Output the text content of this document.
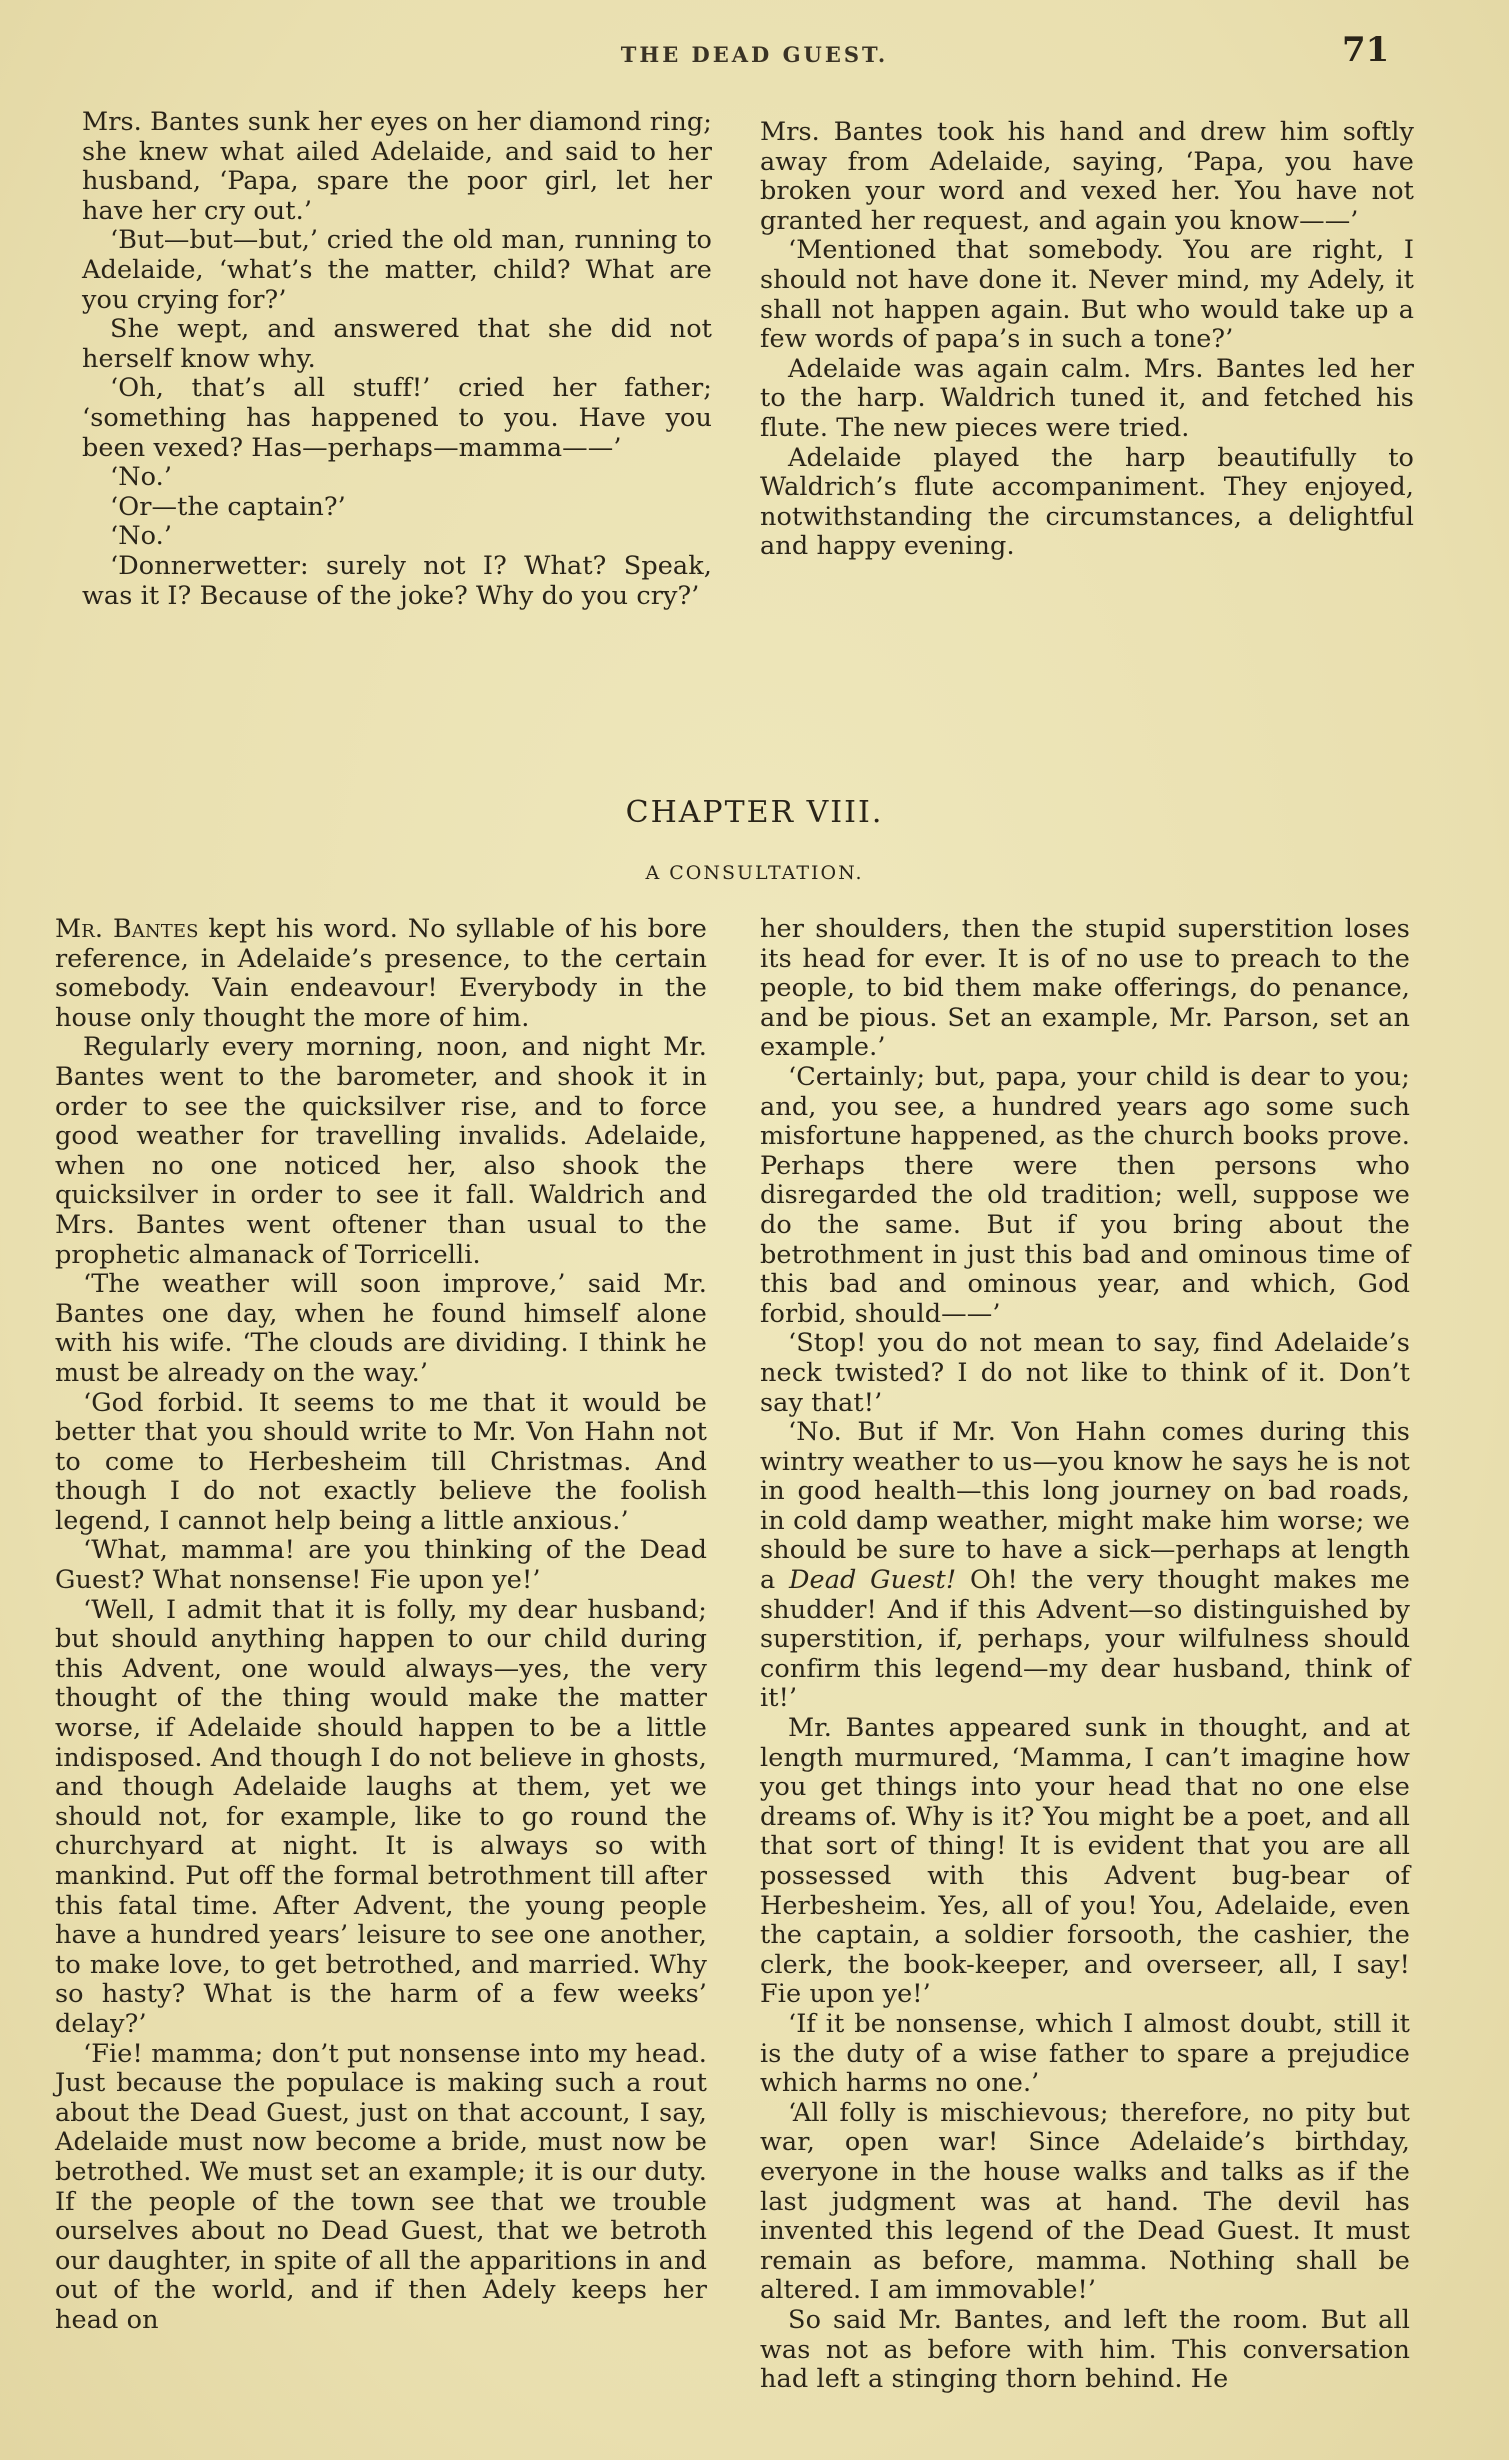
THE DEAD GUEST.	71

Mrs. Bantes sunk her eyes on her diamond ring; she knew what ailed Adelaide, and said to her husband, ‘Papa, spare the poor girl, let her have her cry out.’

‘But—but—but,’ cried the old man, running to Adelaide, ‘what’s the matter, child? What are you crying for?’

She wept, and answered that she did not herself know why.

‘Oh, that’s all stuff!’ cried her father; ‘something has happened to you. Have you been vexed? Has—perhaps—mamma——’

‘No.’

‘Or—the captain?’

‘No.’

‘Donnerwetter: surely not I? What? Speak, was it I? Because of the joke? Why do you cry?’

Mrs. Bantes took his hand and drew him softly away from Adelaide, saying, ‘Papa, you have broken your word and vexed her. You have not granted her request, and again you know——’

‘Mentioned that somebody. You are right, I should not have done it. Never mind, my Adely, it shall not happen again. But who would take up a few words of papa’s in such a tone?’

Adelaide was again calm. Mrs. Bantes led her to the harp. Waldrich tuned it, and fetched his flute. The new pieces were tried.

Adelaide played the harp beautifully to Waldrich’s flute accompaniment. They enjoyed, notwithstanding the circumstances, a delightful and happy evening.

CHAPTER VIII.
A CONSULTATION.

Mr. Bantes kept his word. No syllable of his bore reference, in Adelaide’s presence, to the certain somebody. Vain endeavour! Everybody in the house only thought the more of him.

Regularly every morning, noon, and night Mr. Bantes went to the barometer, and shook it in order to see the quicksilver rise, and to force good weather for travelling invalids. Adelaide, when no one noticed her, also shook the quicksilver in order to see it fall. Waldrich and Mrs. Bantes went oftener than usual to the prophetic almanack of Torricelli.

‘The weather will soon improve,’ said Mr. Bantes one day, when he found himself alone with his wife. ‘The clouds are dividing. I think he must be already on the way.’

‘God forbid. It seems to me that it would be better that you should write to Mr. Von Hahn not to come to Herbesheim till Christmas. And though I do not exactly believe the foolish legend, I cannot help being a little anxious.’

‘What, mamma! are you thinking of the Dead Guest? What nonsense! Fie upon ye!’

‘Well, I admit that it is folly, my dear husband; but should anything happen to our child during this Advent, one would always—yes, the very thought of the thing would make the matter worse, if Adelaide should happen to be a little indisposed. And though I do not believe in ghosts, and though Adelaide laughs at them, yet we should not, for example, like to go round the churchyard at night. It is always so with mankind. Put off the formal betrothment till after this fatal time. After Advent, the young people have a hundred years’ leisure to see one another, to make love, to get betrothed, and married. Why so hasty? What is the harm of a few weeks’ delay?’

‘Fie! mamma; don’t put nonsense into my head. Just because the populace is making such a rout about the Dead Guest, just on that account, I say, Adelaide must now become a bride, must now be betrothed. We must set an example; it is our duty. If the people of the town see that we trouble ourselves about no Dead Guest, that we betroth our daughter, in spite of all the apparitions in and out of the world, and if then Adely keeps her head on

her shoulders, then the stupid superstition loses its head for ever. It is of no use to preach to the people, to bid them make offerings, do penance, and be pious. Set an example, Mr. Parson, set an example.’

‘Certainly; but, papa, your child is dear to you; and, you see, a hundred years ago some such misfortune happened, as the church books prove. Perhaps there were then persons who disregarded the old tradition; well, suppose we do the same. But if you bring about the betrothment in just this bad and ominous time of this bad and ominous year, and which, God forbid, should——’

‘Stop! you do not mean to say, find Adelaide’s neck twisted? I do not like to think of it. Don’t say that!’

‘No. But if Mr. Von Hahn comes during this wintry weather to us—you know he says he is not in good health—this long journey on bad roads, in cold damp weather, might make him worse; we should be sure to have a sick—perhaps at length a Dead Guest! Oh! the very thought makes me shudder! And if this Advent—so distinguished by superstition, if, perhaps, your wilfulness should confirm this legend—my dear husband, think of it!’

Mr. Bantes appeared sunk in thought, and at length murmured, ‘Mamma, I can’t imagine how you get things into your head that no one else dreams of. Why is it? You might be a poet, and all that sort of thing! It is evident that you are all possessed with this Advent bug-bear of Herbesheim. Yes, all of you! You, Adelaide, even the captain, a soldier forsooth, the cashier, the clerk, the book-keeper, and overseer, all, I say! Fie upon ye!’

‘If it be nonsense, which I almost doubt, still it is the duty of a wise father to spare a prejudice which harms no one.’

‘All folly is mischievous; therefore, no pity but war, open war! Since Adelaide’s birthday, everyone in the house walks and talks as if the last judgment was at hand. The devil has invented this legend of the Dead Guest. It must remain as before, mamma. Nothing shall be altered. I am immovable!’

So said Mr. Bantes, and left the room. But all was not as before with him. This conversation had left a stinging thorn behind. He
